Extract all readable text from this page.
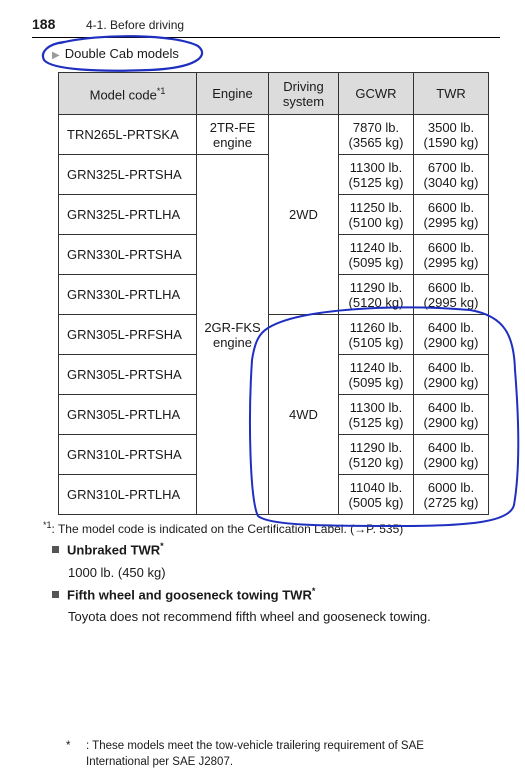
188	4-1. Before driving
▶ Double Cab models
Model code$^{*1}$	Engine	Driving system	GCWR	TWR
TRN265L-PRTSKA	2TR-FE engine	2WD	7870 lb. (3565 kg)	3500 lb. (1590 kg)
GRN325L-PRTSHA	2GR-FKS engine		11300 lb. (5125 kg)	6700 lb. (3040 kg)
GRN325L-PRTLHA			11250 lb. (5100 kg)	6600 lb. (2995 kg)
GRN330L-PRTSHA			11240 lb. (5095 kg)	6600 lb. (2995 kg)
GRN330L-PRTLHA			11290 lb. (5120 kg)	6600 lb. (2995 kg)
GRN305L-PRFSHA		4WD	11260 lb. (5105 kg)	6400 lb. (2900 kg)
GRN305L-PRTSHA			11240 lb. (5095 kg)	6400 lb. (2900 kg)
GRN305L-PRTLHA			11300 lb. (5125 kg)	6400 lb. (2900 kg)
GRN310L-PRTSHA			11290 lb. (5120 kg)	6400 lb. (2900 kg)
GRN310L-PRTLHA			11040 lb. (5005 kg)	6000 lb. (2725 kg)
$^{*1}$: The model code is indicated on the Certification Label. (→P. 535)
Unbraked TWR*
1000 lb. (450 kg)
Fifth wheel and gooseneck towing TWR*
Toyota does not recommend fifth wheel and gooseneck towing.
* : These models meet the tow-vehicle trailering requirement of SAE International per SAE J2807.
